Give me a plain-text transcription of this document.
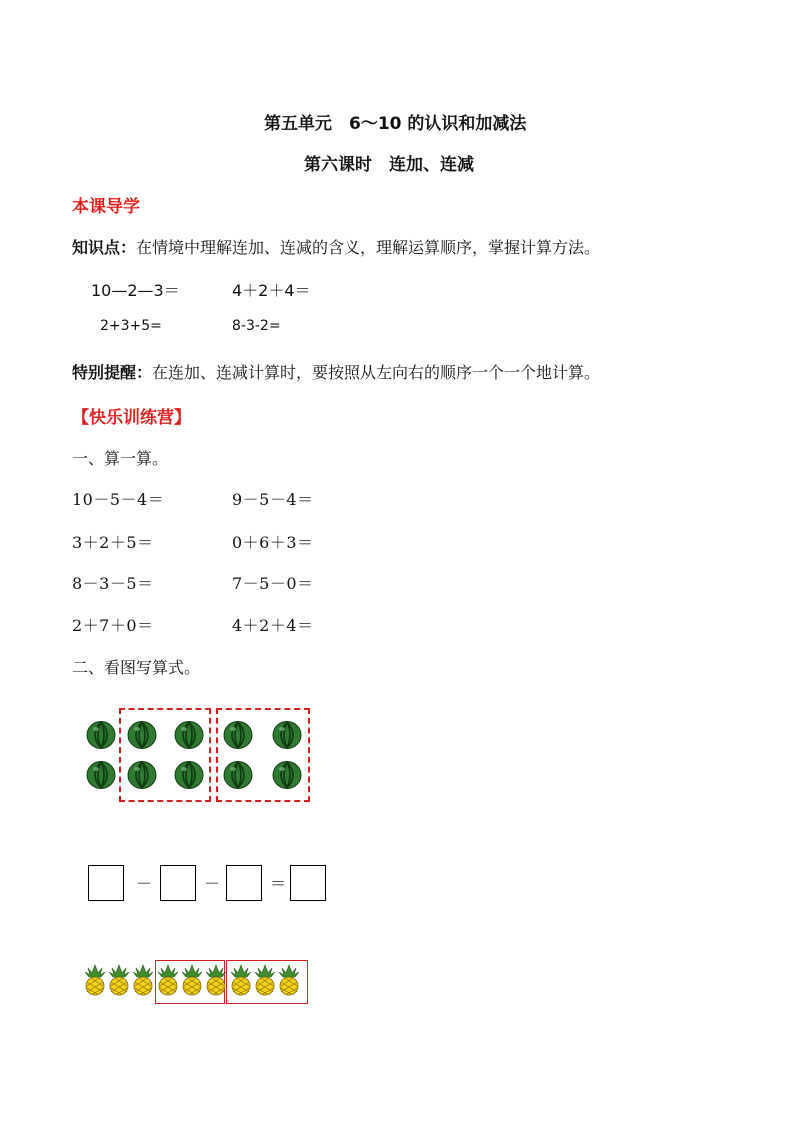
第五单元　6～10 的认识和加减法
第六课时　连加、连减
本课导学
知识点：在情境中理解连加、连减的含义，理解运算顺序，掌握计算方法。
10—2—3＝	4＋2＋4＝
2+3+5=	8-3-2=
特别提醒：在连加、连减计算时，要按照从左向右的顺序一个一个地计算。
【快乐训练营】
一、算一算。
10－5－4＝	9－5－4＝
3＋2＋5＝	0＋6＋3＝
8－3－5＝	7－5－0＝
2＋7＋0＝	4＋2＋4＝
二、看图写算式。
－	－	＝
